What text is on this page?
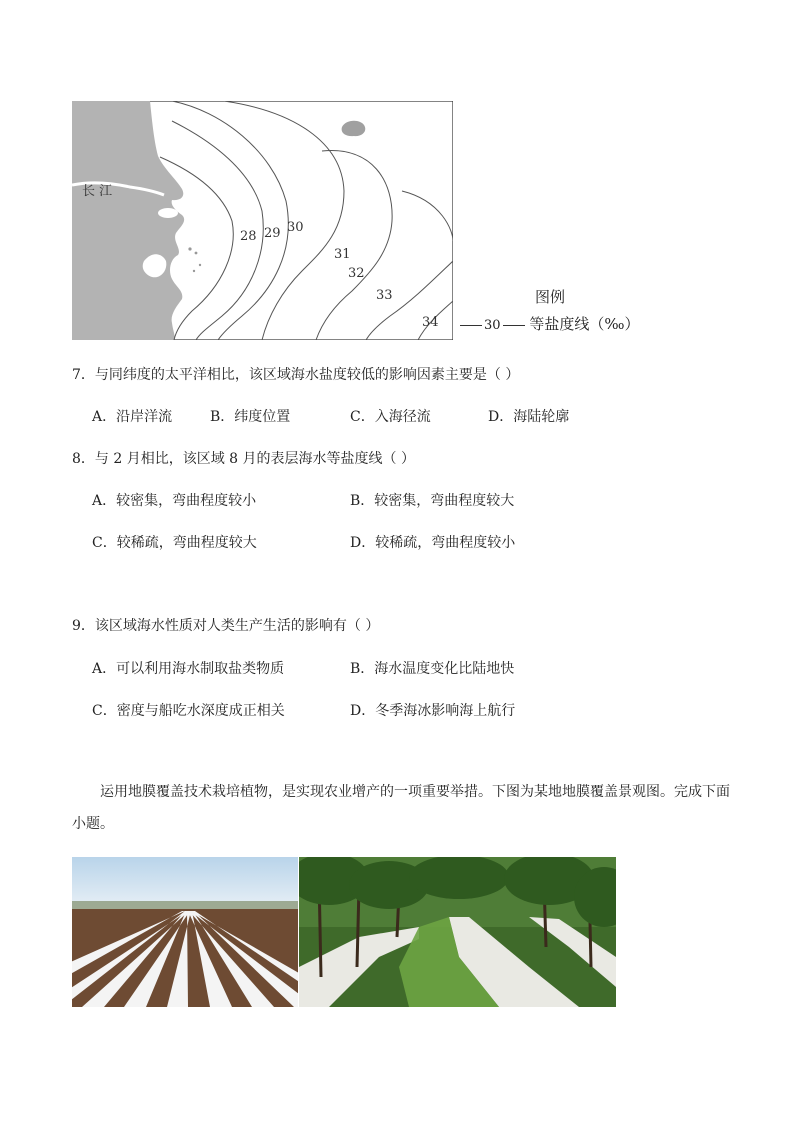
长 江
28 29 30
31
32
33
34
图例
30 等盐度线（‰）
7．与同纬度的太平洋相比，该区域海水盐度较低的影响因素主要是（ ）
A．沿岸洋流	B．纬度位置	C．入海径流	D．海陆轮廓
8．与 2 月相比，该区域 8 月的表层海水等盐度线（ ）
A．较密集，弯曲程度较小	B．较密集，弯曲程度较大
C．较稀疏，弯曲程度较大	D．较稀疏，弯曲程度较小
9．该区域海水性质对人类生产生活的影响有（ ）
A．可以利用海水制取盐类物质	B．海水温度变化比陆地快
C．密度与船吃水深度成正相关	D．冬季海冰影响海上航行
运用地膜覆盖技术栽培植物，是实现农业增产的一项重要举措。下图为某地地膜覆盖景观图。完成下面小题。
